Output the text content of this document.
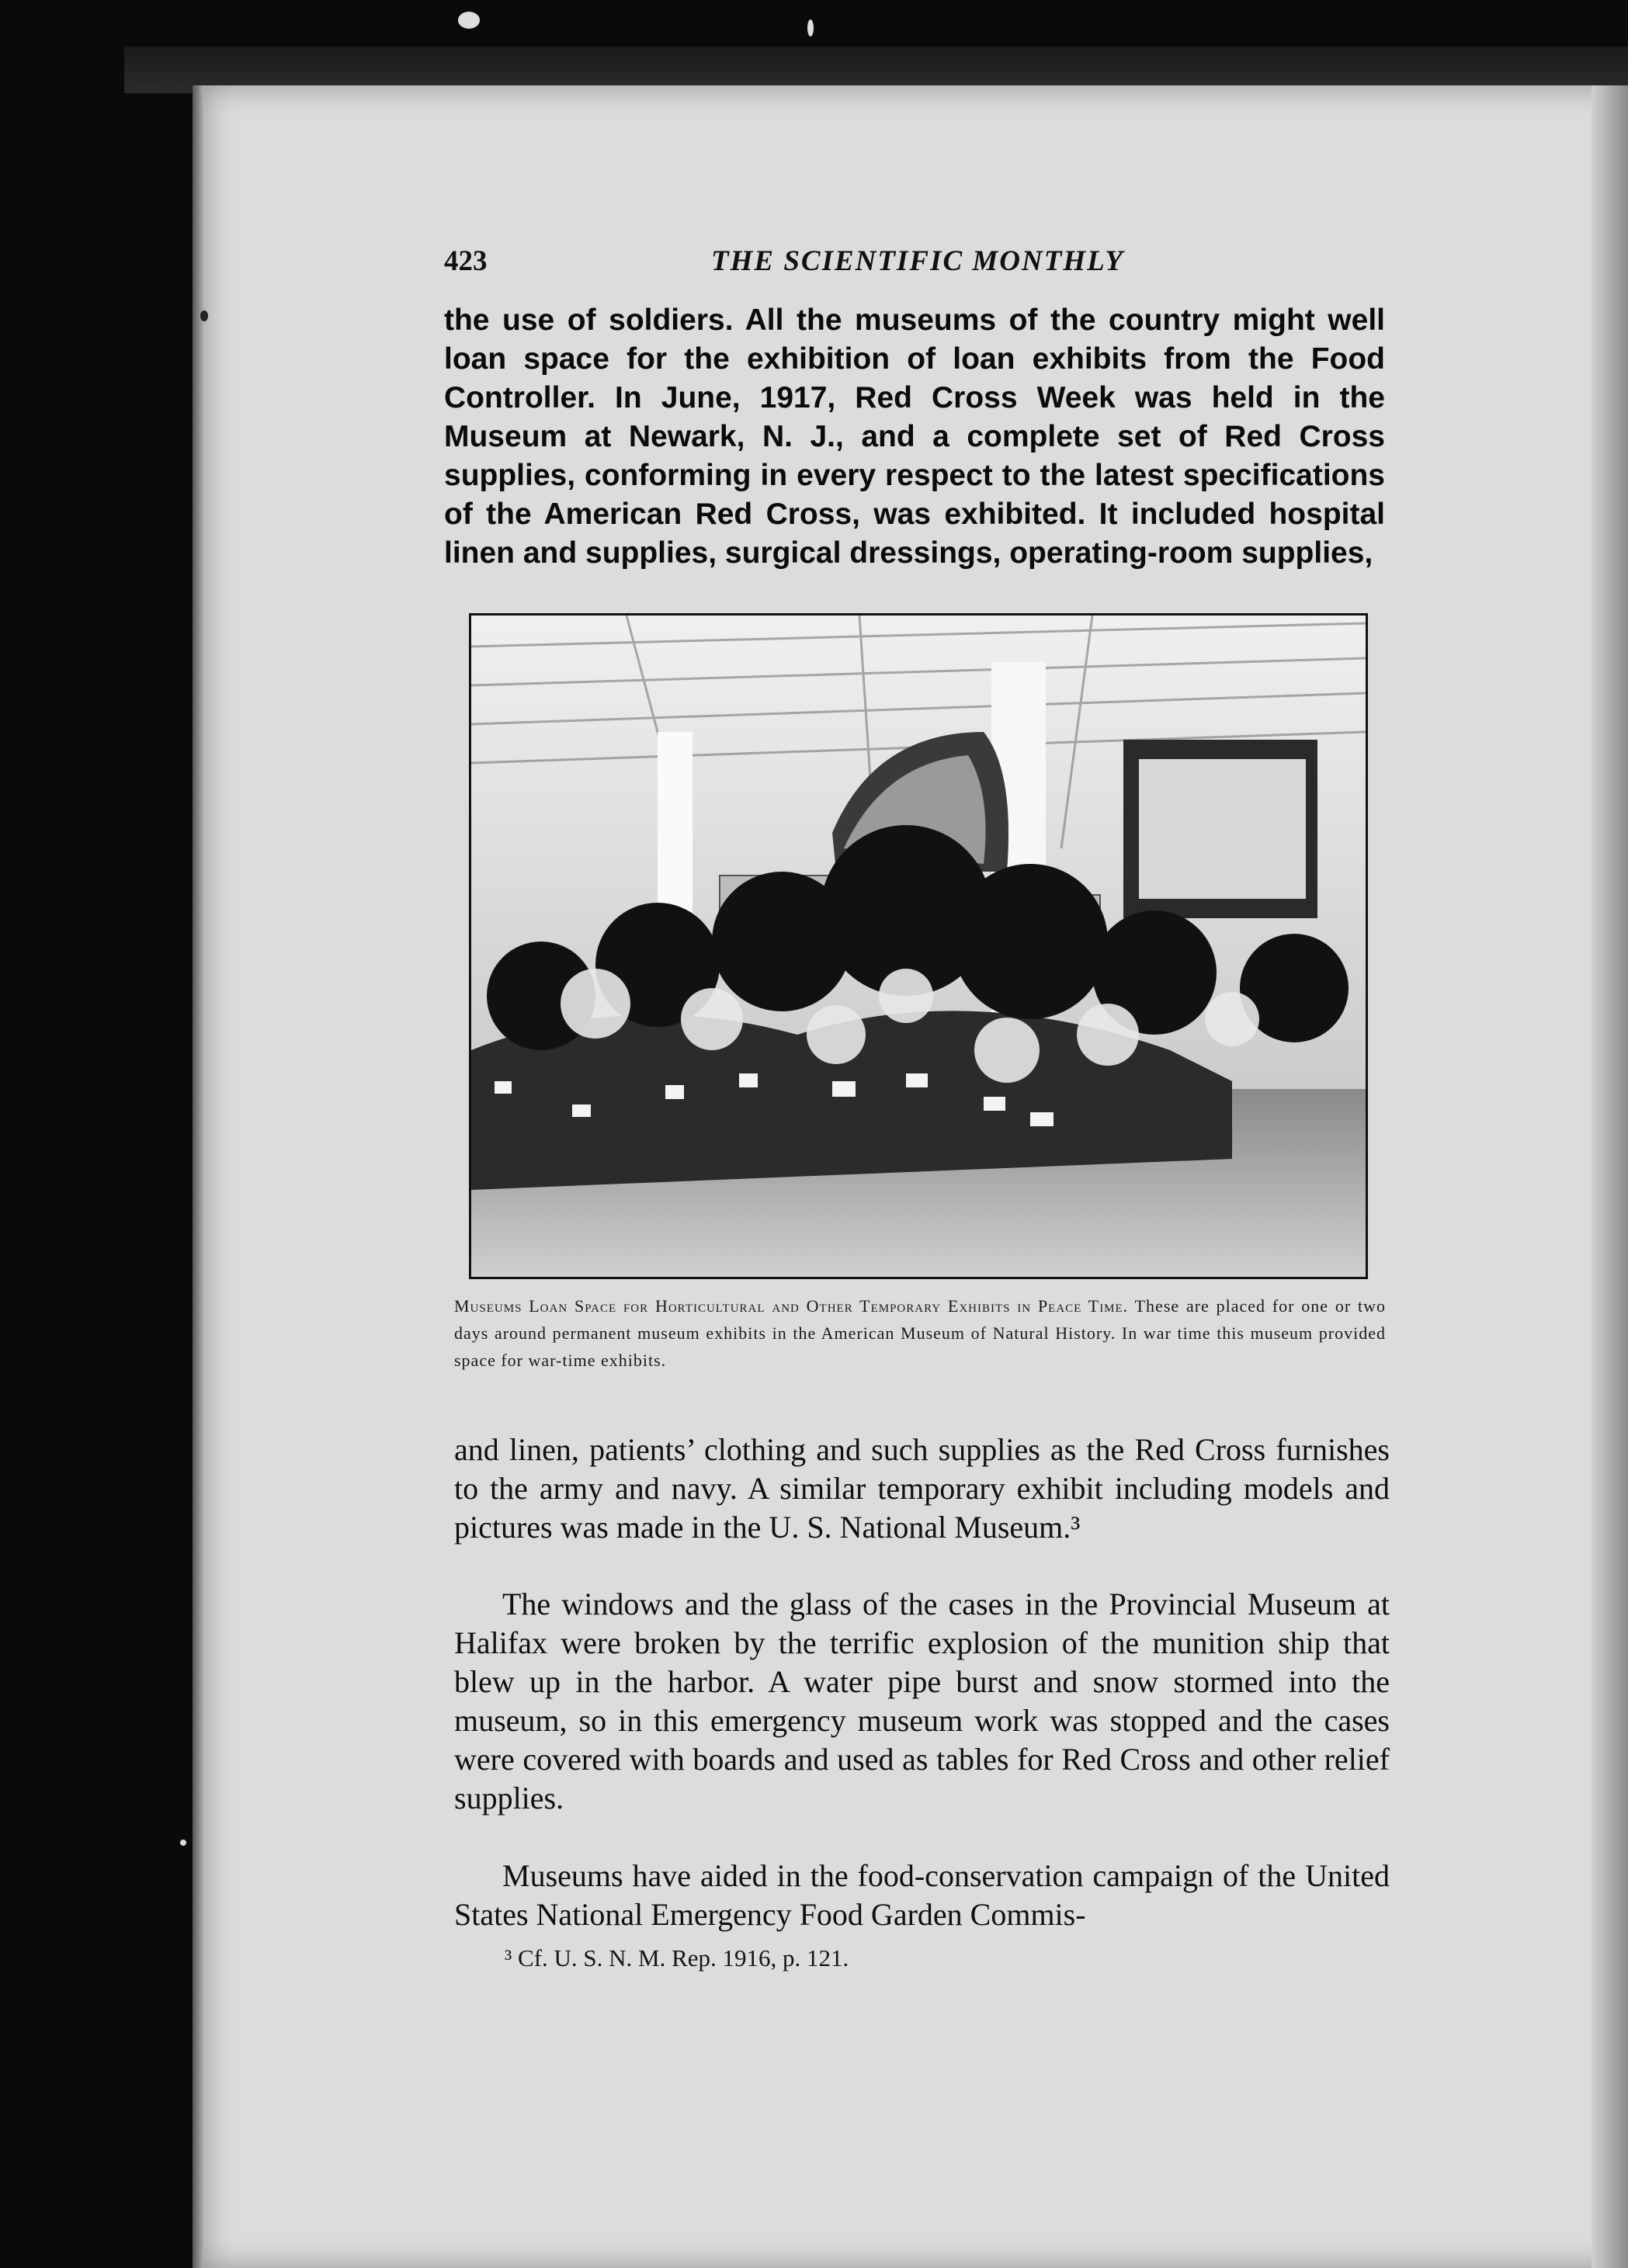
423	THE SCIENTIFIC MONTHLY
the use of soldiers. All the museums of the country might well loan space for the exhibition of loan exhibits from the Food Controller. In June, 1917, Red Cross Week was held in the Museum at Newark, N. J., and a complete set of Red Cross supplies, conforming in every respect to the latest specifications of the American Red Cross, was exhibited. It included hospital linen and supplies, surgical dressings, operating-room supplies,
Museums Loan Space for Horticultural and Other Temporary Exhibits in Peace Time. These are placed for one or two days around permanent museum exhibits in the American Museum of Natural History. In war time this museum provided space for war-time exhibits.
and linen, patients’ clothing and such supplies as the Red Cross furnishes to the army and navy. A similar temporary exhibit including models and pictures was made in the U. S. National Museum.³
The windows and the glass of the cases in the Provincial Museum at Halifax were broken by the terrific explosion of the munition ship that blew up in the harbor. A water pipe burst and snow stormed into the museum, so in this emergency museum work was stopped and the cases were covered with boards and used as tables for Red Cross and other relief supplies.
Museums have aided in the food-conservation campaign of the United States National Emergency Food Garden Commis-
³ Cf. U. S. N. M. Rep. 1916, p. 121.
